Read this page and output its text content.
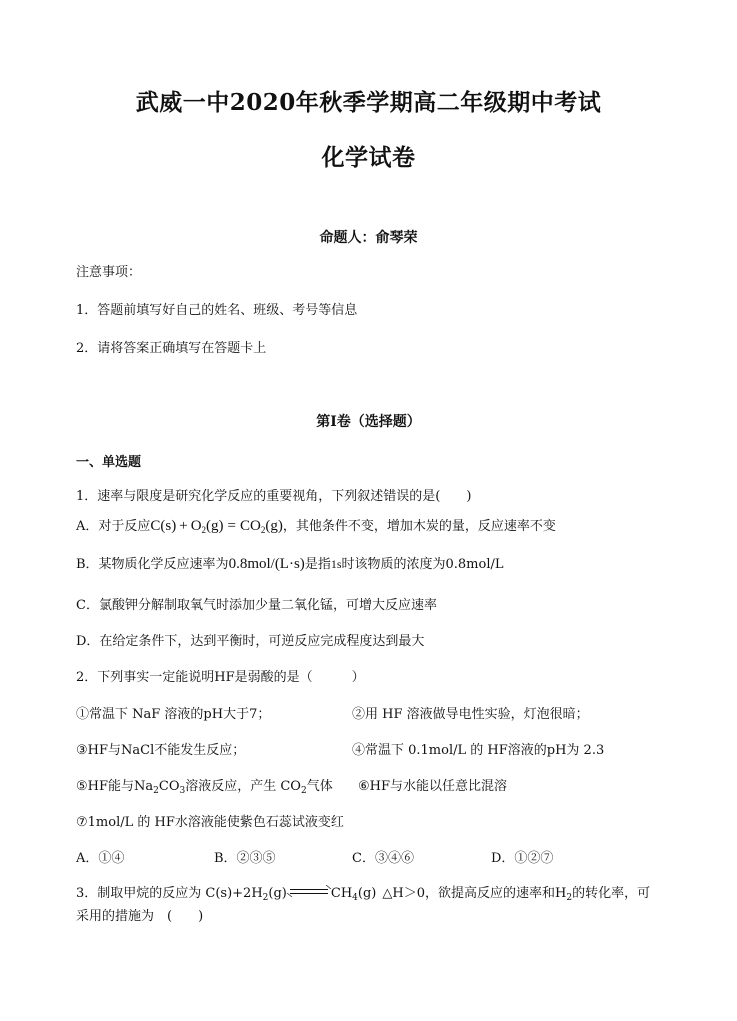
武威一中2020年秋季学期高二年级期中考试
化学试卷
命题人：俞琴荣
注意事项：
1．答题前填写好自己的姓名、班级、考号等信息
2．请将答案正确填写在答题卡上
第I卷（选择题）
一、单选题
1．速率与限度是研究化学反应的重要视角，下列叙述错误的是(　　)
A．对于反应$C(s) + O_2(g) = CO_2(g)$，其他条件不变，增加木炭的量，反应速率不变
B．某物质化学反应速率为0.8mol/(L·s)是指1s时该物质的浓度为0.8mol/L
C．氯酸钾分解制取氧气时添加少量二氧化锰，可增大反应速率
D．在给定条件下，达到平衡时，可逆反应完成程度达到最大
2．下列事实一定能说明HF是弱酸的是（　　　）
①常温下 NaF 溶液的pH大于7；	②用 HF 溶液做导电性实验，灯泡很暗；
③HF与NaCl不能发生反应；	④常温下 0.1mol/L 的 HF溶液的pH为 2.3
⑤HF能与$Na_2CO_3$溶液反应，产生 $CO_2$气体 ⑥HF与水能以任意比混溶
⑦1mol/L 的 HF水溶液能使紫色石蕊试液变红
A．①④	B．②③⑤	C．③④⑥	D．①②⑦
3．制取甲烷的反应为 $C(s)+2H_2(g)$	$CH_4(g)$ △H＞0，欲提高反应的速率和$H_2$的转化率，可
采用的措施为　(　　)
